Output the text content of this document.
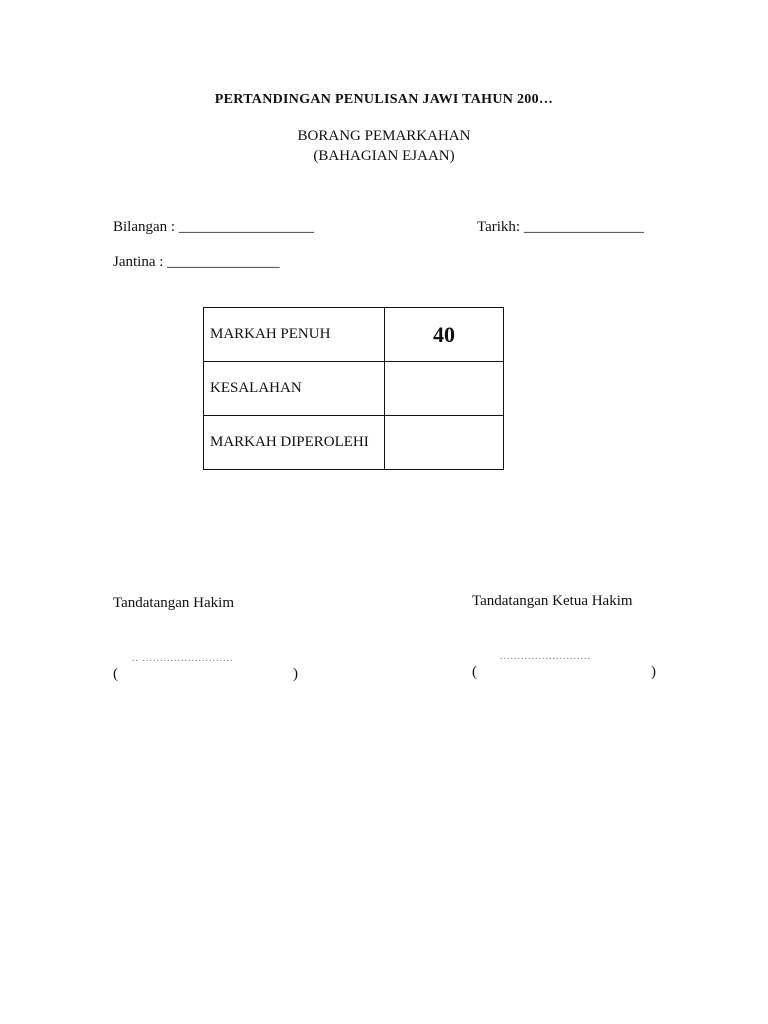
PERTANDINGAN PENULISAN JAWI TAHUN 200…
BORANG PEMARKAHAN
(BAHAGIAN EJAAN)
Bilangan : __________________	Tarikh: ________________
Jantina : _______________
MARKAH PENUH	40
KESALAHAN	
MARKAH DIPEROLEHI	
Tandatangan Hakim
.. ..........................
(	)
Tandatangan Ketua Hakim
..........................
(	)
